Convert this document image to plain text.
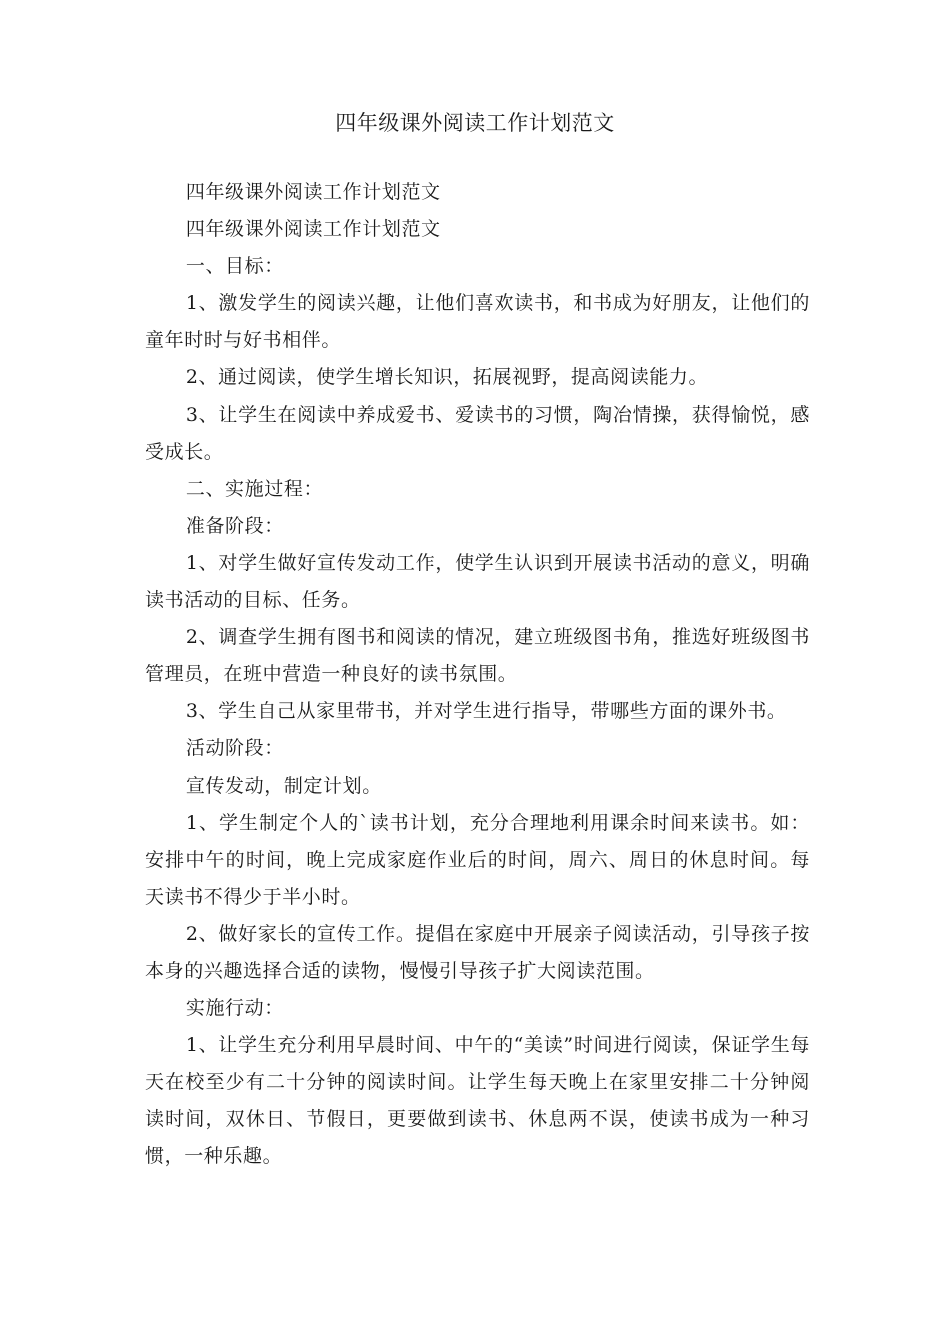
四年级课外阅读工作计划范文

四年级课外阅读工作计划范文

四年级课外阅读工作计划范文

一、目标：

1、激发学生的阅读兴趣，让他们喜欢读书，和书成为好朋友，让他们的童年时时与好书相伴。

2、通过阅读，使学生增长知识，拓展视野，提高阅读能力。

3、让学生在阅读中养成爱书、爱读书的习惯，陶冶情操，获得愉悦，感受成长。

二、实施过程：

准备阶段：

1、对学生做好宣传发动工作，使学生认识到开展读书活动的意义，明确读书活动的目标、任务。

2、调查学生拥有图书和阅读的情况，建立班级图书角，推选好班级图书管理员，在班中营造一种良好的读书氛围。

3、学生自己从家里带书，并对学生进行指导，带哪些方面的课外书。

活动阶段：

宣传发动，制定计划。

1、学生制定个人的`读书计划，充分合理地利用课余时间来读书。如：安排中午的时间，晚上完成家庭作业后的时间，周六、周日的休息时间。每天读书不得少于半小时。

2、做好家长的宣传工作。提倡在家庭中开展亲子阅读活动，引导孩子按本身的兴趣选择合适的读物，慢慢引导孩子扩大阅读范围。

实施行动：

1、让学生充分利用早晨时间、中午的“美读”时间进行阅读，保证学生每天在校至少有二十分钟的阅读时间。让学生每天晚上在家里安排二十分钟阅读时间，双休日、节假日，更要做到读书、休息两不误，使读书成为一种习惯，一种乐趣。
